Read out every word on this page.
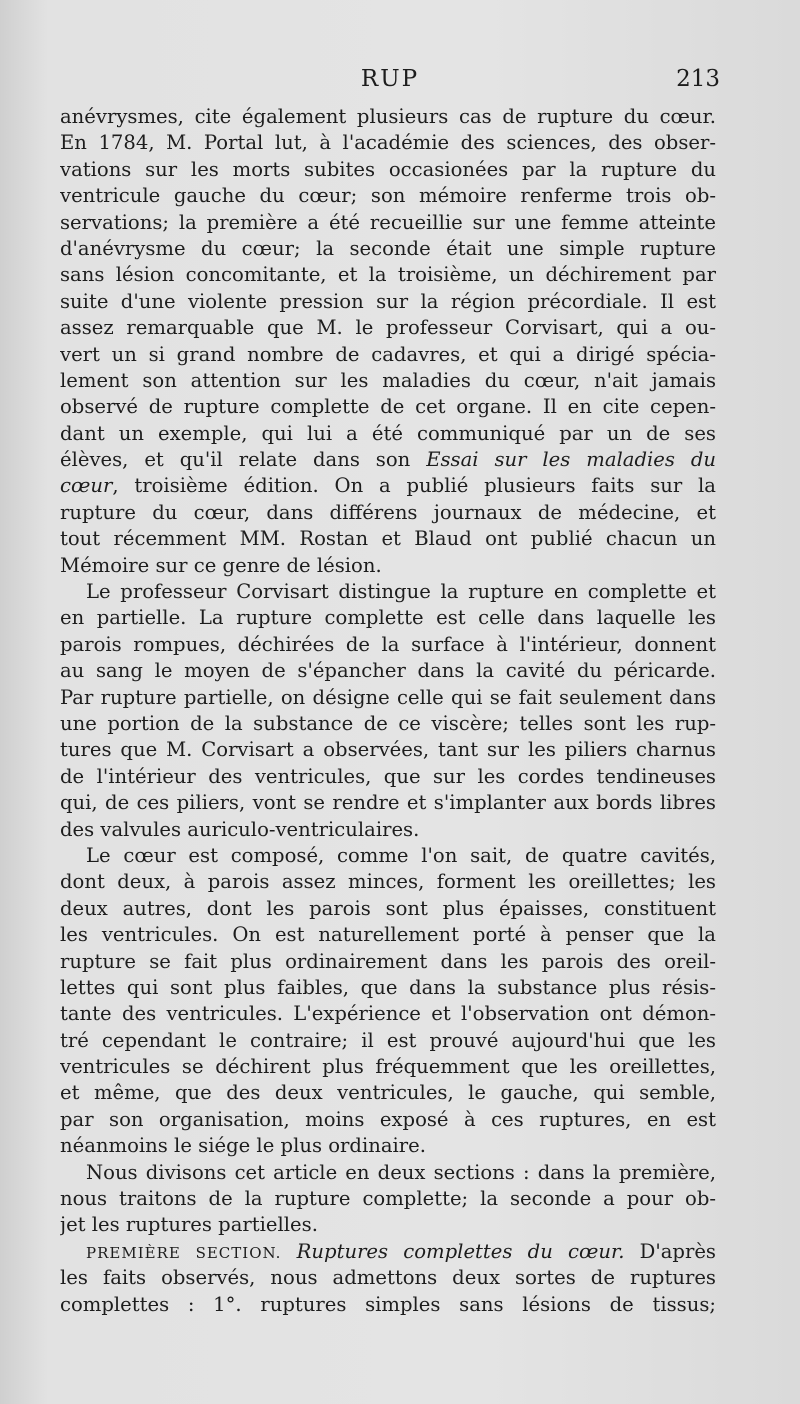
RUP	213
anévrysmes, cite également plusieurs cas de rupture du cœur.
En 1784, M. Portal lut, à l'académie des sciences, des obser-
vations sur les morts subites occasionées par la rupture du
ventricule gauche du cœur; son mémoire renferme trois ob-
servations; la première a été recueillie sur une femme atteinte
d'anévrysme du cœur; la seconde était une simple rupture
sans lésion concomitante, et la troisième, un déchirement par
suite d'une violente pression sur la région précordiale. Il est
assez remarquable que M. le professeur Corvisart, qui a ou-
vert un si grand nombre de cadavres, et qui a dirigé spécia-
lement son attention sur les maladies du cœur, n'ait jamais
observé de rupture complette de cet organe. Il en cite cepen-
dant un exemple, qui lui a été communiqué par un de ses
élèves, et qu'il relate dans son Essai sur les maladies du
cœur, troisième édition. On a publié plusieurs faits sur la
rupture du cœur, dans différens journaux de médecine, et
tout récemment MM. Rostan et Blaud ont publié chacun un
Mémoire sur ce genre de lésion.
Le professeur Corvisart distingue la rupture en complette et
en partielle. La rupture complette est celle dans laquelle les
parois rompues, déchirées de la surface à l'intérieur, donnent
au sang le moyen de s'épancher dans la cavité du péricarde.
Par rupture partielle, on désigne celle qui se fait seulement dans
une portion de la substance de ce viscère; telles sont les rup-
tures que M. Corvisart a observées, tant sur les piliers charnus
de l'intérieur des ventricules, que sur les cordes tendineuses
qui, de ces piliers, vont se rendre et s'implanter aux bords libres
des valvules auriculo-ventriculaires.
Le cœur est composé, comme l'on sait, de quatre cavités,
dont deux, à parois assez minces, forment les oreillettes; les
deux autres, dont les parois sont plus épaisses, constituent
les ventricules. On est naturellement porté à penser que la
rupture se fait plus ordinairement dans les parois des oreil-
lettes qui sont plus faibles, que dans la substance plus résis-
tante des ventricules. L'expérience et l'observation ont démon-
tré cependant le contraire; il est prouvé aujourd'hui que les
ventricules se déchirent plus fréquemment que les oreillettes,
et même, que des deux ventricules, le gauche, qui semble,
par son organisation, moins exposé à ces ruptures, en est
néanmoins le siége le plus ordinaire.
Nous divisons cet article en deux sections : dans la première,
nous traitons de la rupture complette; la seconde a pour ob-
jet les ruptures partielles.
PREMIÈRE SECTION. Ruptures complettes du cœur. D'après
les faits observés, nous admettons deux sortes de ruptures
complettes : 1°. ruptures simples sans lésions de tissus;
